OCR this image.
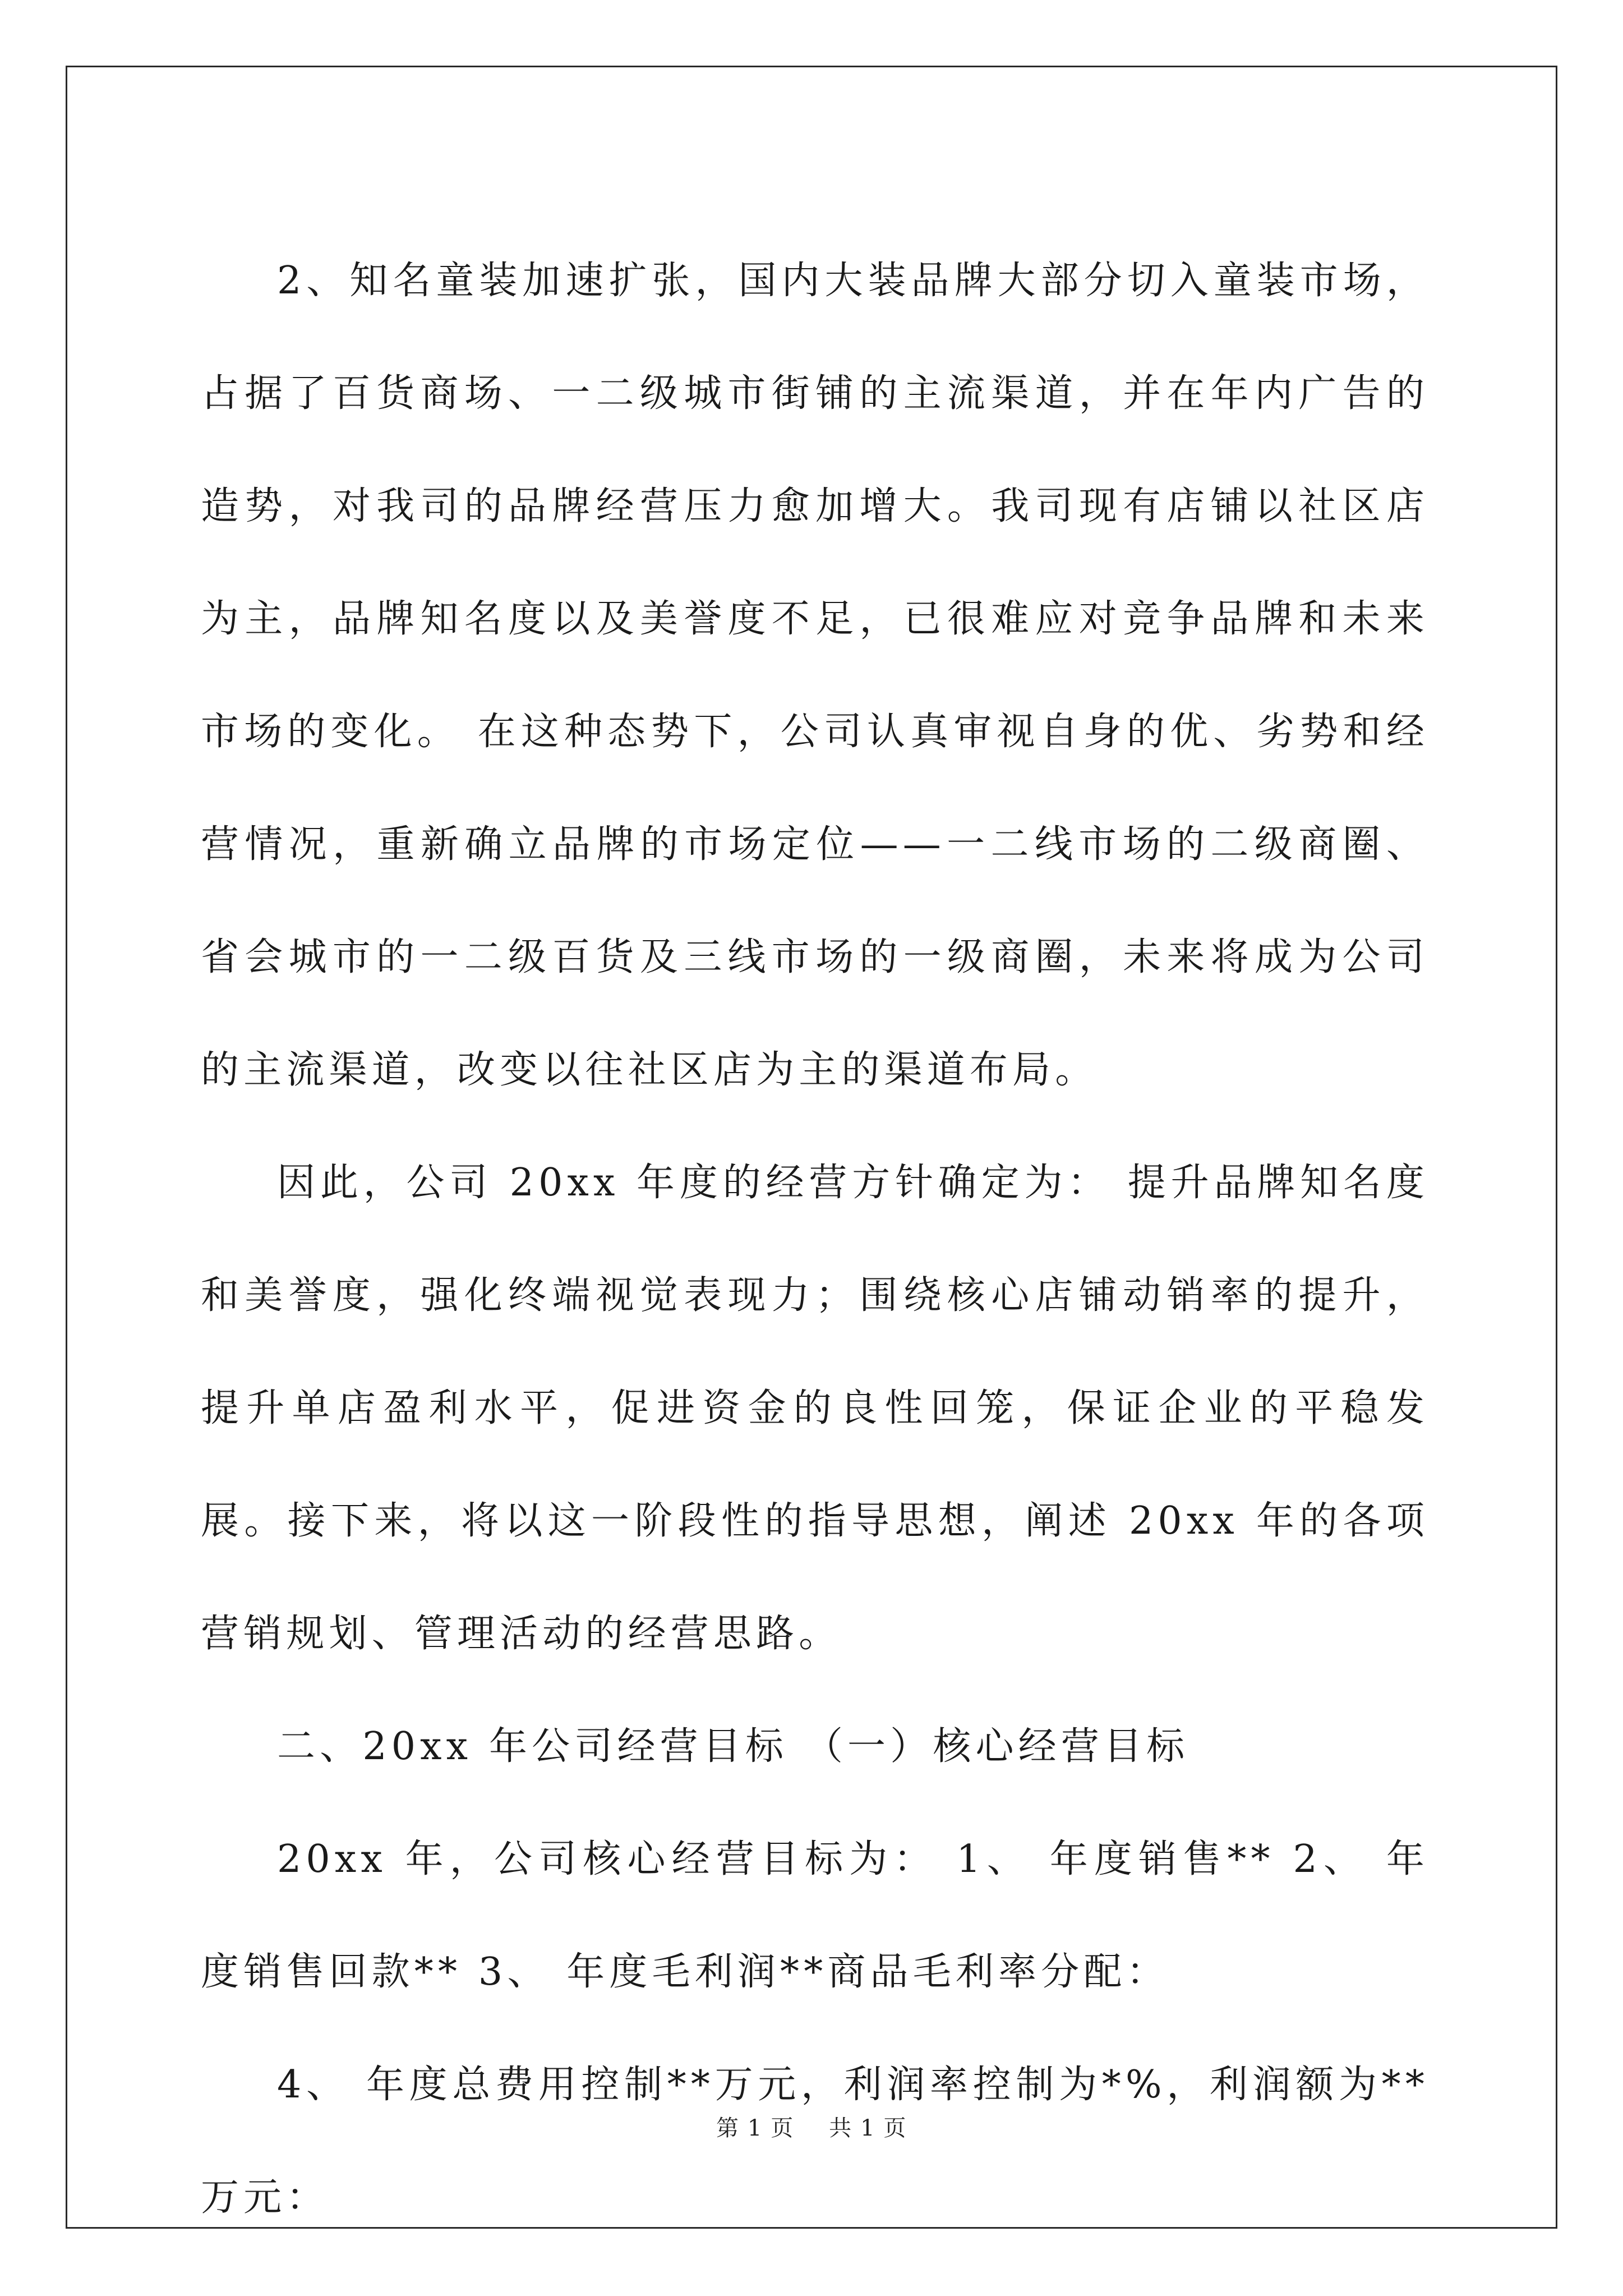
2、知名童装加速扩张，国内大装品牌大部分切入童装市场，占据了百货商场、一二级城市街铺的主流渠道，并在年内广告的造势，对我司的品牌经营压力愈加增大。我司现有店铺以社区店为主，品牌知名度以及美誉度不足，已很难应对竞争品牌和未来市场的变化。 在这种态势下，公司认真审视自身的优、劣势和经营情况，重新确立品牌的市场定位——一二线市场的二级商圈、省会城市的一二级百货及三线市场的一级商圈，未来将成为公司的主流渠道，改变以往社区店为主的渠道布局。

因此，公司 20xx 年度的经营方针确定为： 提升品牌知名度和美誉度，强化终端视觉表现力；围绕核心店铺动销率的提升，提升单店盈利水平，促进资金的良性回笼，保证企业的平稳发展。接下来，将以这一阶段性的指导思想，阐述 20xx 年的各项营销规划、管理活动的经营思路。

二、20xx 年公司经营目标 （一）核心经营目标

20xx 年，公司核心经营目标为： 1、 年度销售** 2、 年度销售回款** 3、 年度毛利润**商品毛利率分配：

4、 年度总费用控制**万元，利润率控制为*%，利润额为**万元：

第 1 页 共 1 页
